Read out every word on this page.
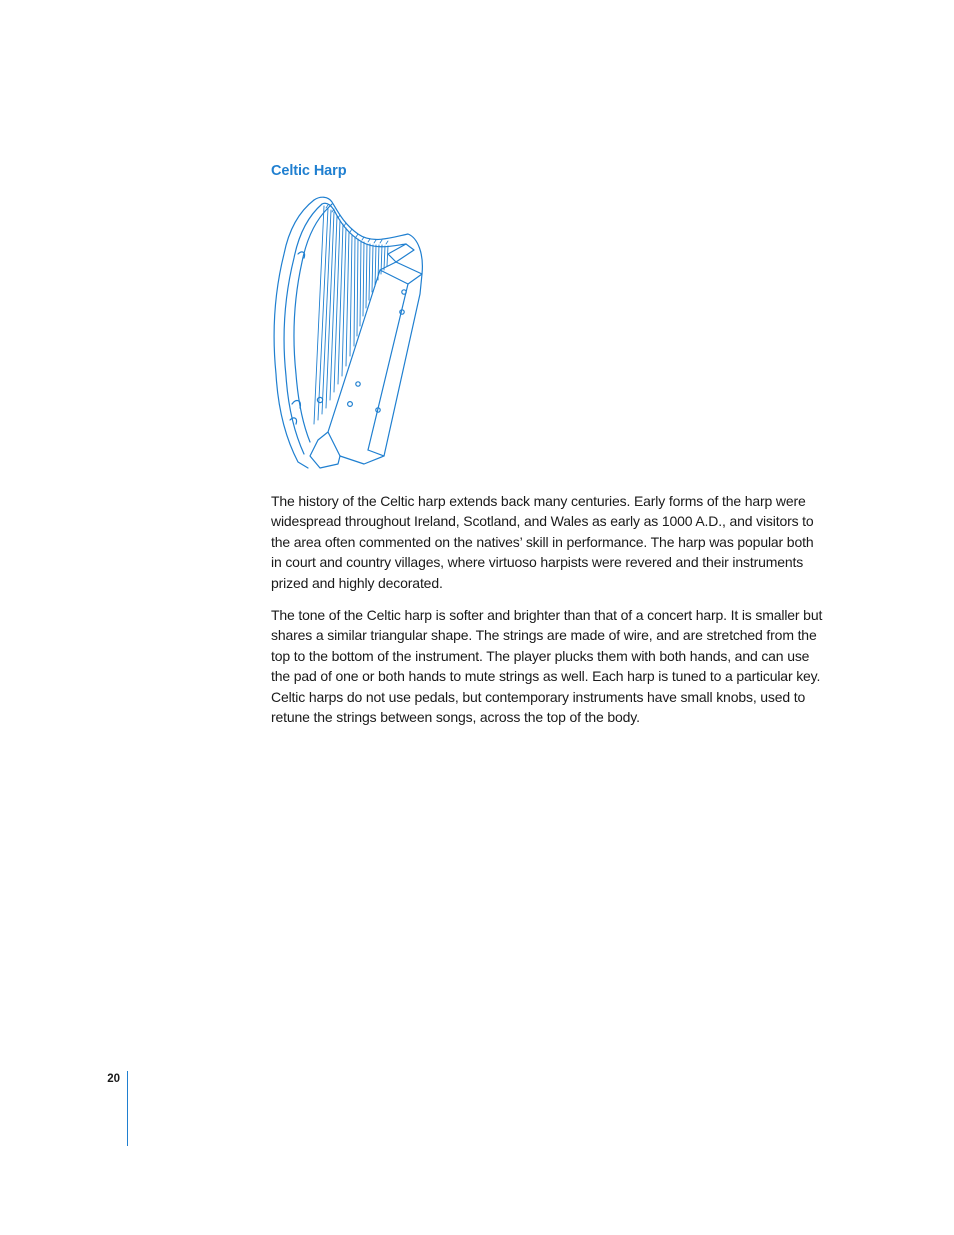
Celtic Harp

The history of the Celtic harp extends back many centuries. Early forms of the harp were widespread throughout Ireland, Scotland, and Wales as early as 1000 A.D., and visitors to the area often commented on the natives’ skill in performance. The harp was popular both in court and country villages, where virtuoso harpists were revered and their instruments prized and highly decorated.

The tone of the Celtic harp is softer and brighter than that of a concert harp. It is smaller but shares a similar triangular shape. The strings are made of wire, and are stretched from the top to the bottom of the instrument. The player plucks them with both hands, and can use the pad of one or both hands to mute strings as well. Each harp is tuned to a particular key. Celtic harps do not use pedals, but contemporary instruments have small knobs, used to retune the strings between songs, across the top of the body.

20
